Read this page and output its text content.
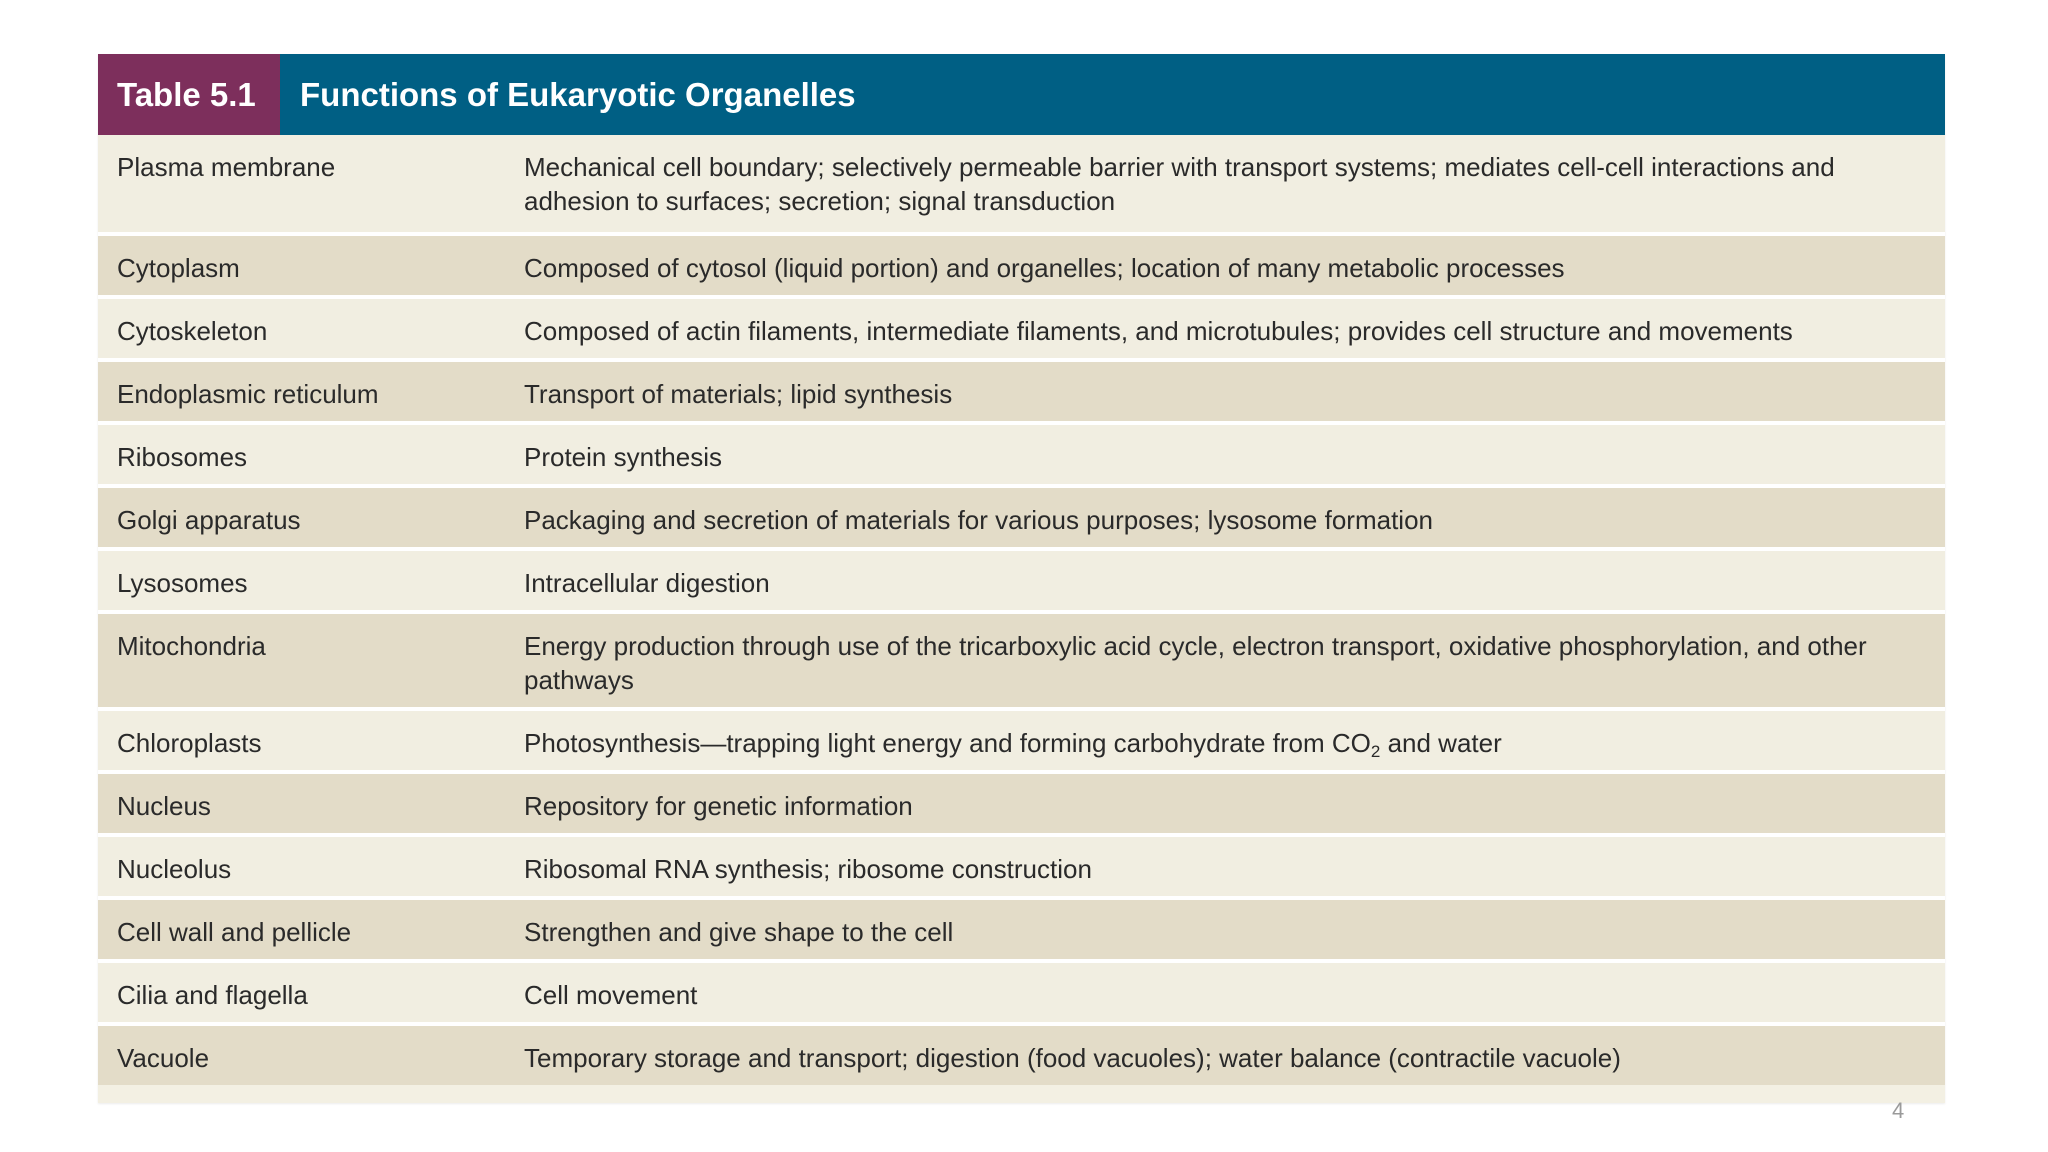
Table 5.1	Functions of Eukaryotic Organelles
Plasma membrane	Mechanical cell boundary; selectively permeable barrier with transport systems; mediates cell-cell interactions and adhesion to surfaces; secretion; signal transduction
Cytoplasm	Composed of cytosol (liquid portion) and organelles; location of many metabolic processes
Cytoskeleton	Composed of actin filaments, intermediate filaments, and microtubules; provides cell structure and movements
Endoplasmic reticulum	Transport of materials; lipid synthesis
Ribosomes	Protein synthesis
Golgi apparatus	Packaging and secretion of materials for various purposes; lysosome formation
Lysosomes	Intracellular digestion
Mitochondria	Energy production through use of the tricarboxylic acid cycle, electron transport, oxidative phosphorylation, and other pathways
Chloroplasts	Photosynthesis—trapping light energy and forming carbohydrate from $CO_2$ and water
Nucleus	Repository for genetic information
Nucleolus	Ribosomal RNA synthesis; ribosome construction
Cell wall and pellicle	Strengthen and give shape to the cell
Cilia and flagella	Cell movement
Vacuole	Temporary storage and transport; digestion (food vacuoles); water balance (contractile vacuole)
4
